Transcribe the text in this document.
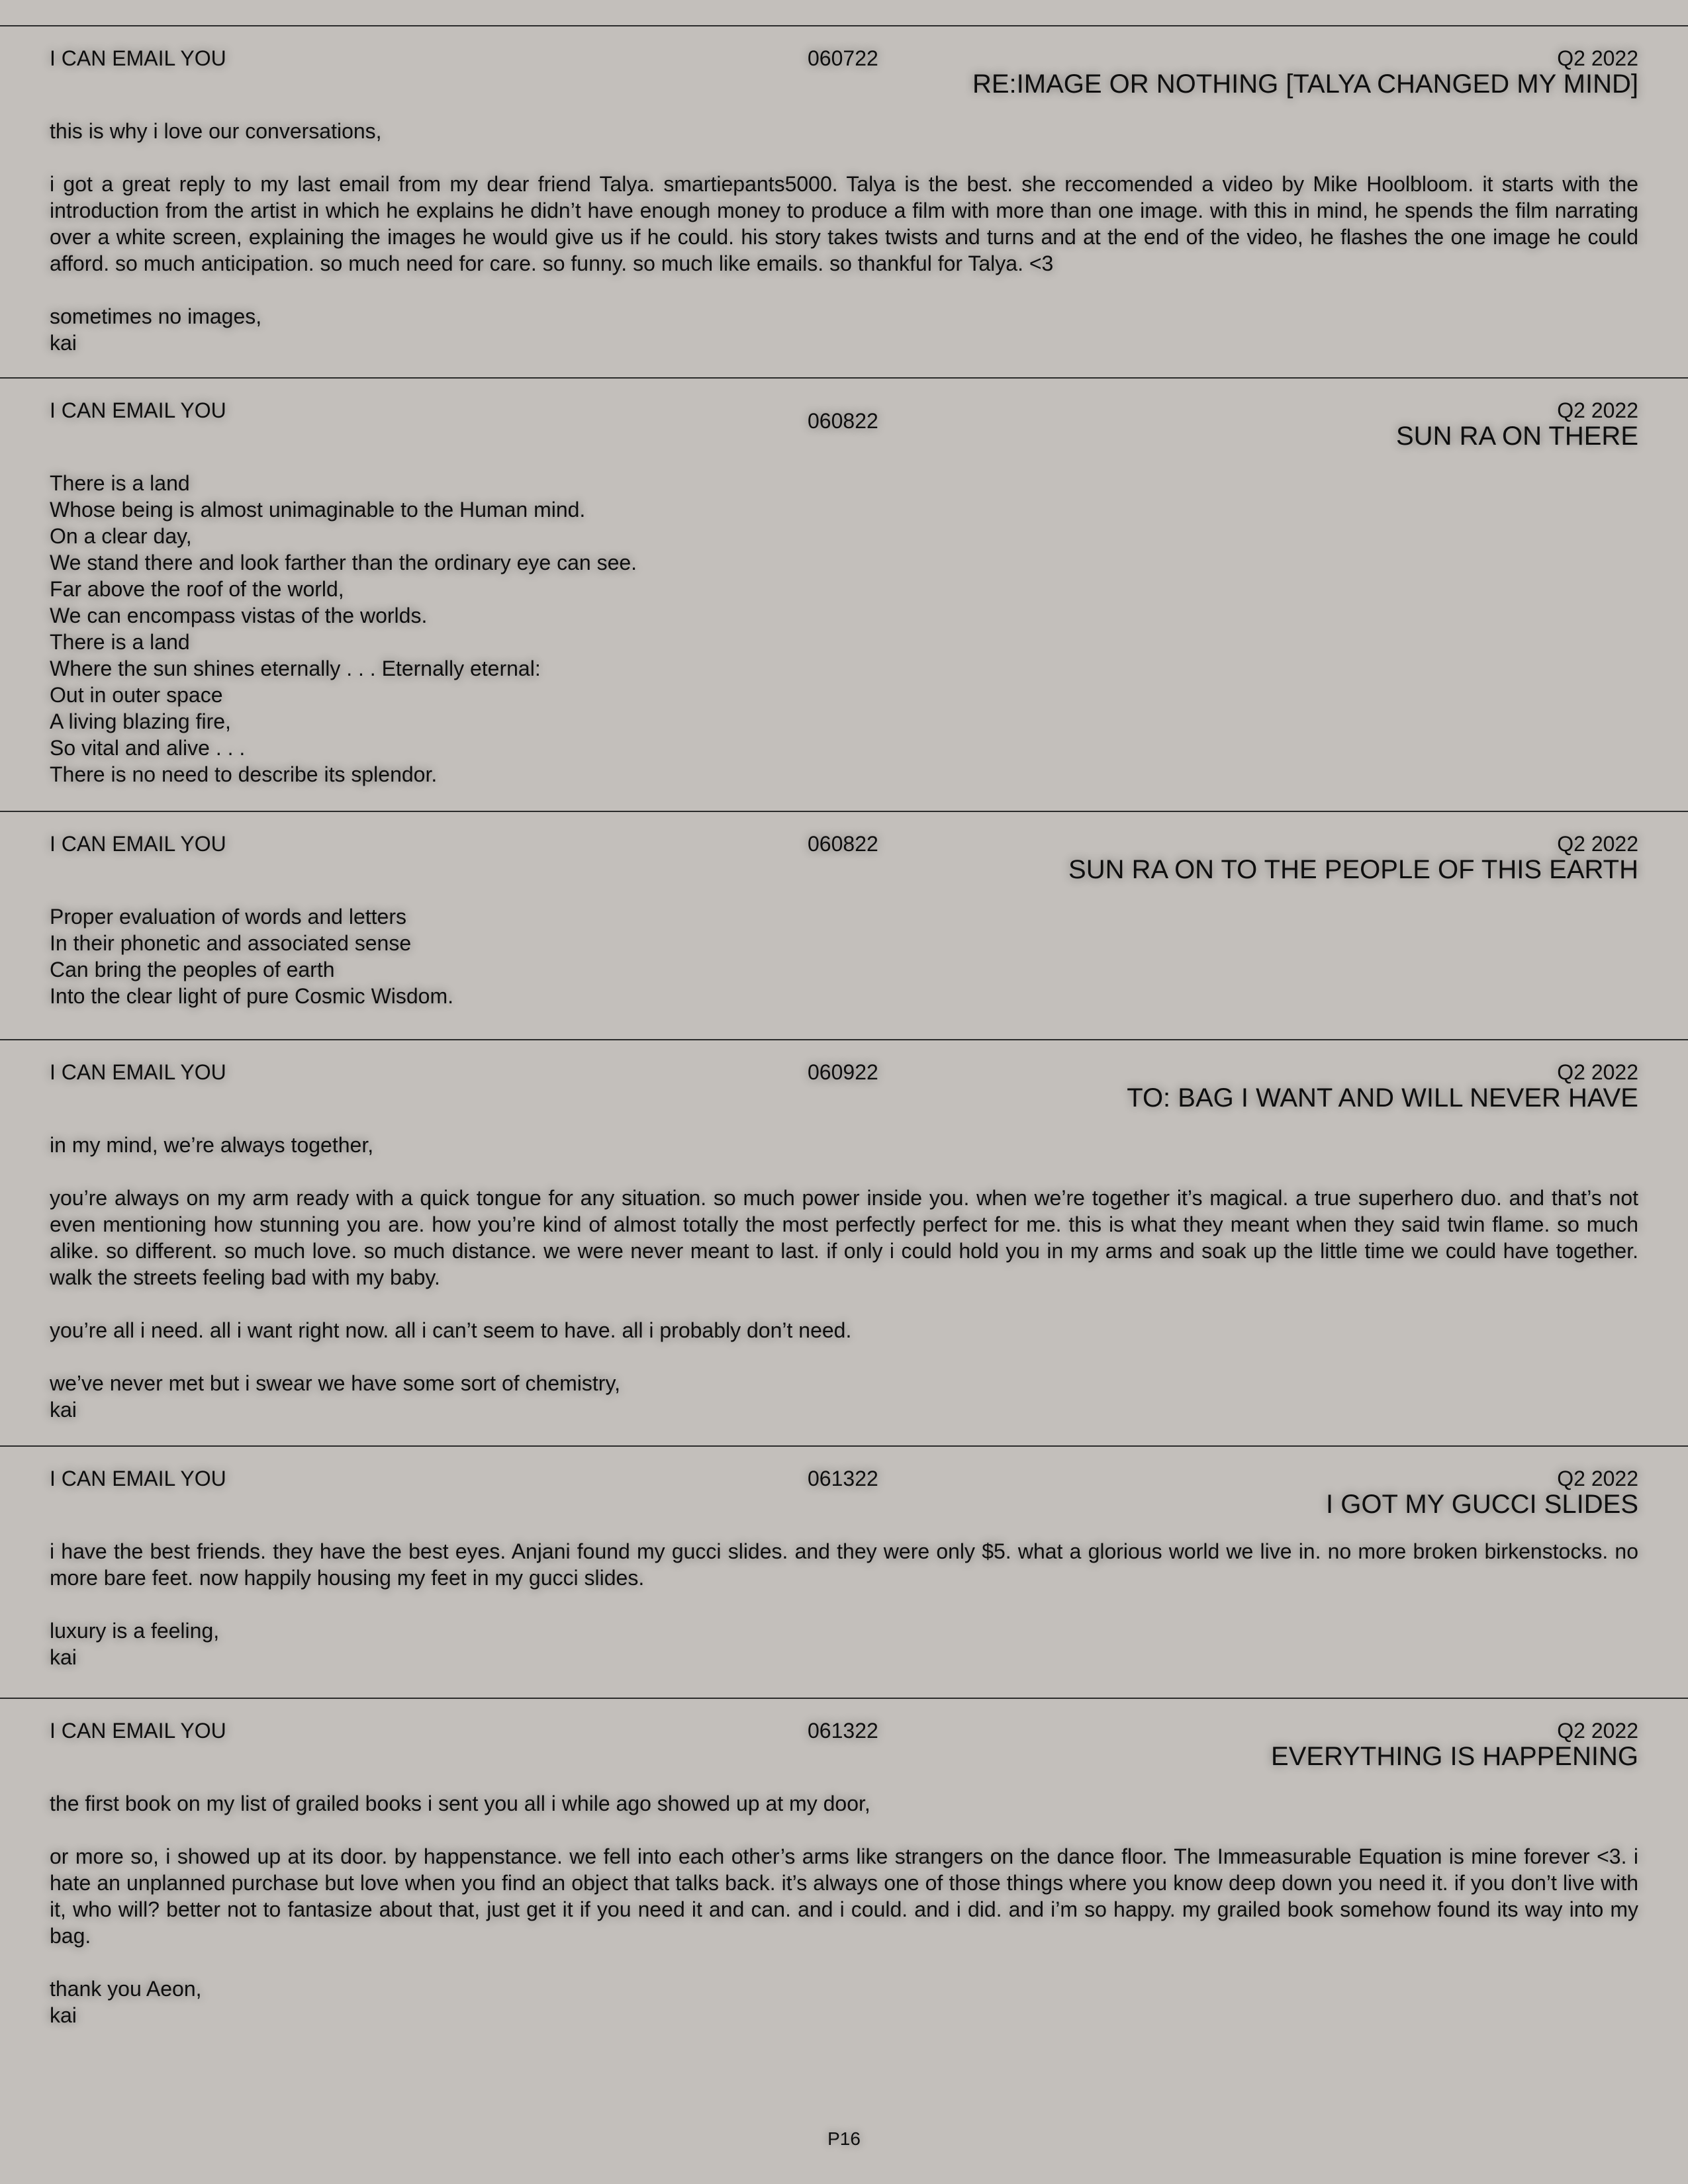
I CAN EMAIL YOU	060722	Q2 2022
RE:IMAGE OR NOTHING [TALYA CHANGED MY MIND]

this is why i love our conversations,

i got a great reply to my last email from my dear friend Talya. smartiepants5000. Talya is the best. she reccomended a video by Mike Hoolbloom. it starts with the introduction from the artist in which he explains he didn’t have enough money to produce a film with more than one image. with this in mind, he spends the film narrating over a white screen, explaining the images he would give us if he could. his story takes twists and turns and at the end of the video, he flashes the one image he could afford. so much anticipation. so much need for care. so funny. so much like emails. so thankful for Talya. <3

sometimes no images,

kai

I CAN EMAIL YOU	060822	Q2 2022
SUN RA ON THERE
There is a land
Whose being is almost unimaginable to the Human mind.
On a clear day,
We stand there and look farther than the ordinary eye can see.
Far above the roof of the world,
We can encompass vistas of the worlds.
There is a land
Where the sun shines eternally . . . Eternally eternal:
Out in outer space
A living blazing fire,
So vital and alive . . .
There is no need to describe its splendor.
I CAN EMAIL YOU	060822	Q2 2022
SUN RA ON TO THE PEOPLE OF THIS EARTH
Proper evaluation of words and letters
In their phonetic and associated sense
Can bring the peoples of earth
Into the clear light of pure Cosmic Wisdom.
I CAN EMAIL YOU	060922	Q2 2022
TO: BAG I WANT AND WILL NEVER HAVE

in my mind, we’re always together,

you’re always on my arm ready with a quick tongue for any situation. so much power inside you. when we’re together it’s magical. a true superhero duo. and that’s not even mentioning how stunning you are. how you’re kind of almost totally the most perfectly perfect for me. this is what they meant when they said twin flame. so much alike. so different. so much love. so much distance. we were never meant to last. if only i could hold you in my arms and soak up the little time we could have together. walk the streets feeling bad with my baby.

you’re all i need. all i want right now. all i can’t seem to have. all i probably don’t need.

we’ve never met but i swear we have some sort of chemistry,

kai

I CAN EMAIL YOU	061322	Q2 2022
I GOT MY GUCCI SLIDES

i have the best friends. they have the best eyes. Anjani found my gucci slides. and they were only $5. what a glorious world we live in. no more broken birkenstocks. no more bare feet. now happily housing my feet in my gucci slides.

luxury is a feeling,

kai

I CAN EMAIL YOU	061322	Q2 2022
EVERYTHING IS HAPPENING

the first book on my list of grailed books i sent you all i while ago showed up at my door,

or more so, i showed up at its door. by happenstance. we fell into each other’s arms like strangers on the dance floor. The Immeasurable Equation is mine forever <3. i hate an unplanned purchase but love when you find an object that talks back. it’s always one of those things where you know deep down you need it. if you don’t live with it, who will? better not to fantasize about that, just get it if you need it and can. and i could. and i did. and i’m so happy. my grailed book somehow found its way into my bag.

thank you Aeon,

kai

P16
